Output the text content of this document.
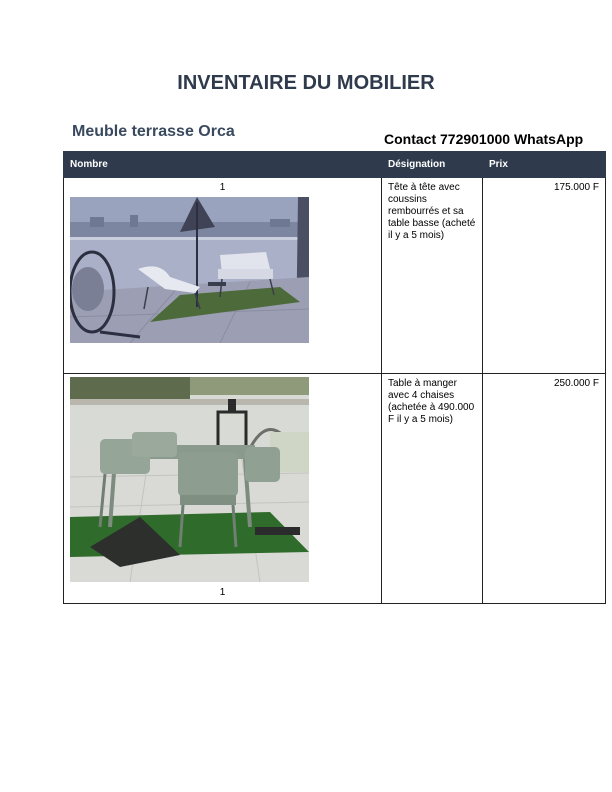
INVENTAIRE DU MOBILIER
Meuble terrasse Orca	Contact 772901000 WhatsApp
Nombre	Désignation	Prix

1	Tête à tête avec coussins rembourrés et sa table basse (acheté il y a 5 mois)	175.000 F

1	Table à manger avec 4 chaises (achetée à 490.000 F il y a 5 mois)	250.000 F
